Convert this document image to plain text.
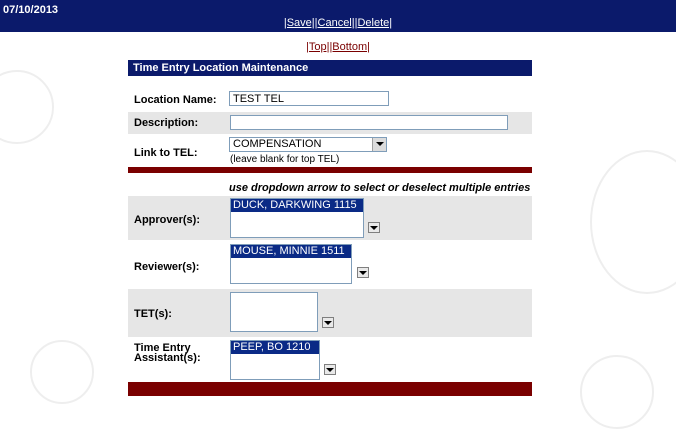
07/10/2013
|Save||Cancel||Delete|
|Top||Bottom|
Time Entry Location Maintenance
Location Name:	TEST TEL
Description:
Link to TEL:
COMPENSATION
(leave blank for top TEL)
use dropdown arrow to select or deselect multiple entries
Approver(s):
DUCK, DARKWING 1115
Reviewer(s):
MOUSE, MINNIE 1511
TET(s):
Time Entry
Assistant(s):
PEEP, BO 1210
